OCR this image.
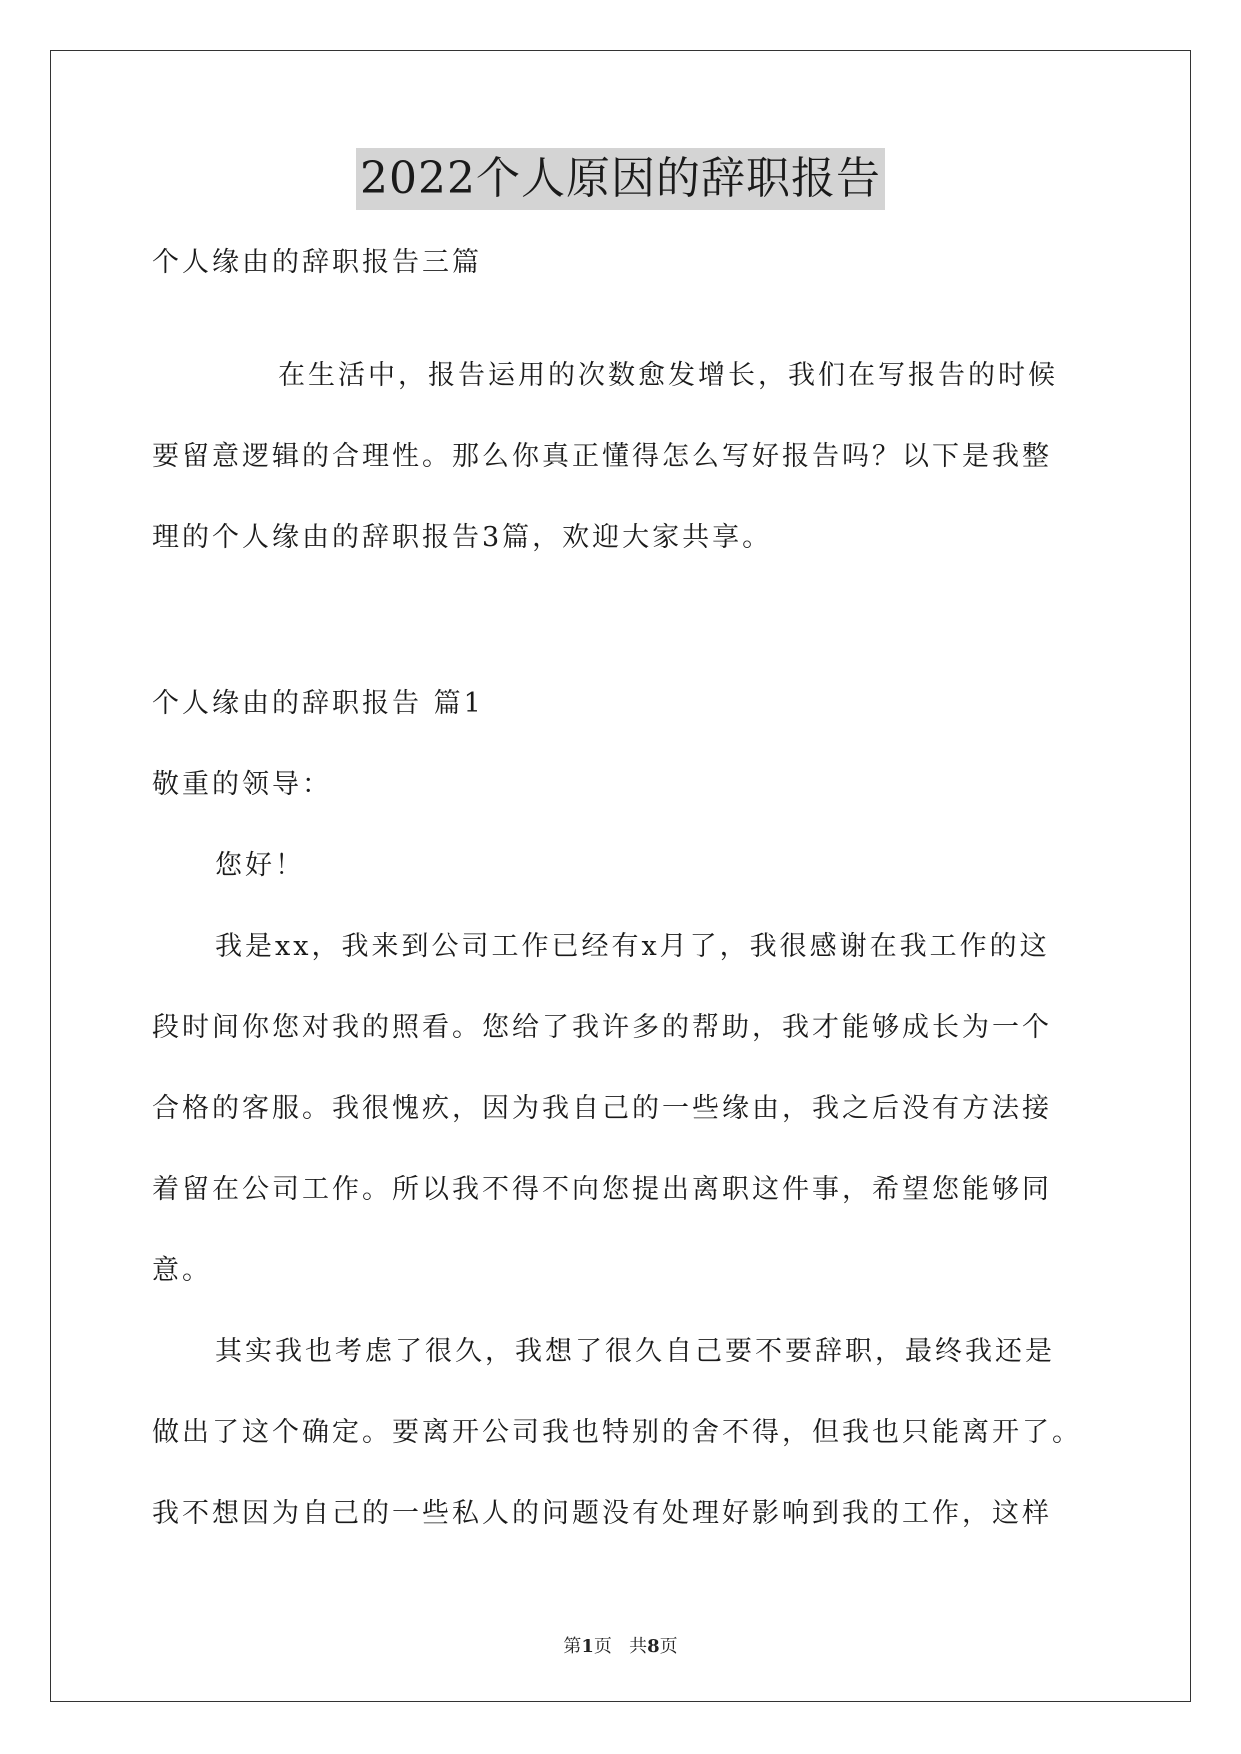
2022个人原因的辞职报告
个人缘由的辞职报告三篇
在生活中，报告运用的次数愈发增长，我们在写报告的时候
要留意逻辑的合理性。那么你真正懂得怎么写好报告吗？以下是我整
理的个人缘由的辞职报告3篇，欢迎大家共享。
个人缘由的辞职报告 篇1
敬重的领导：
您好！
我是xx，我来到公司工作已经有x月了，我很感谢在我工作的这
段时间你您对我的照看。您给了我许多的帮助，我才能够成长为一个
合格的客服。我很愧疚，因为我自己的一些缘由，我之后没有方法接
着留在公司工作。所以我不得不向您提出离职这件事，希望您能够同
意。
其实我也考虑了很久，我想了很久自己要不要辞职，最终我还是
做出了这个确定。要离开公司我也特别的舍不得，但我也只能离开了。
我不想因为自己的一些私人的问题没有处理好影响到我的工作，这样
第1页   共8页
